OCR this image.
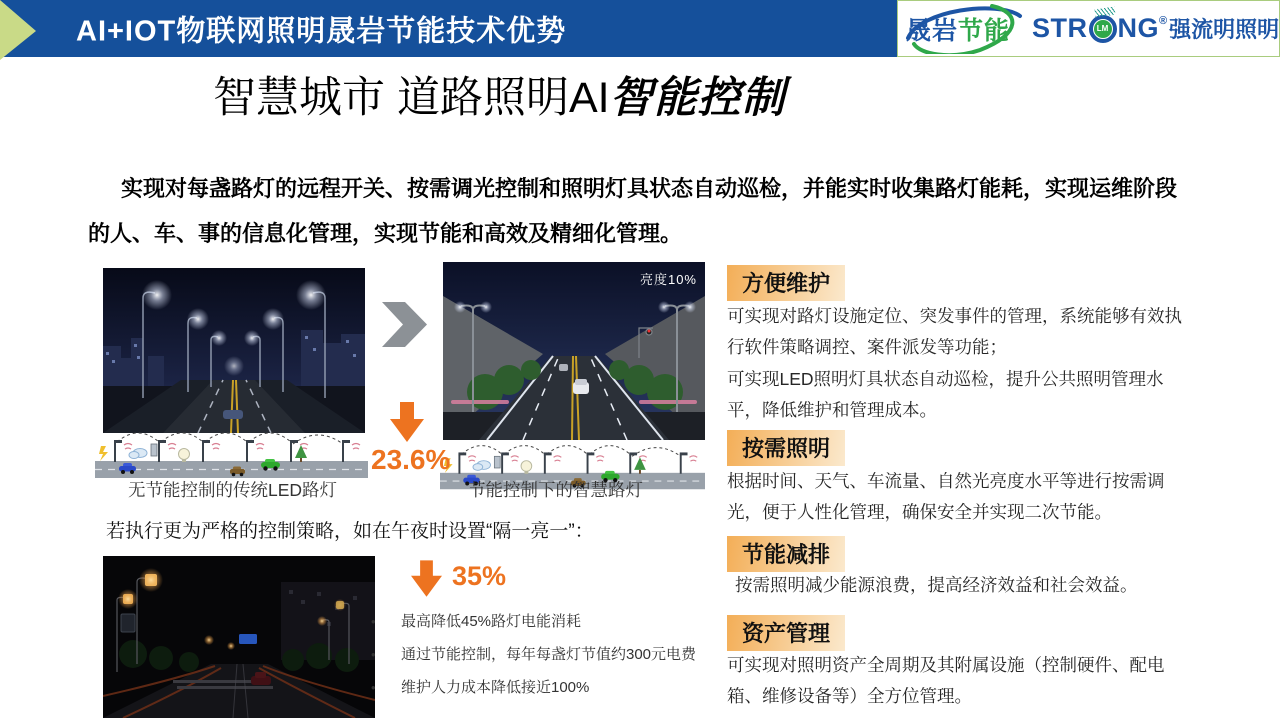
AI+IOT物联网照明晟岩节能技术优势	晟岩节能 STR	LM NG ® 强流明照明
智慧城市 道路照明AI智能控制
实现对每盏路灯的远程开关、按需调光控制和照明灯具状态自动巡检，并能实时收集路灯能耗，实现运维阶段的人、车、事的信息化管理，实现节能和高效及精细化管理。
亮度10%
无节能控制的传统LED路灯	节能控制下的智慧路灯
23.6%
若执行更为严格的控制策略，如在午夜时设置“隔一亮一”：
35%
•	最高降低45%路灯电能消耗
•	通过节能控制，每年每盏灯节值约300元电费
•	维护人力成本降低接近100%
方便维护
可实现对路灯设施定位、突发事件的管理，系统能够有效执行软件策略调控、案件派发等功能；
可实现LED照明灯具状态自动巡检，提升公共照明管理水平，降低维护和管理成本。
按需照明
根据时间、天气、车流量、自然光亮度水平等进行按需调光，便于人性化管理，确保安全并实现二次节能。
节能减排
按需照明减少能源浪费，提高经济效益和社会效益。
资产管理
可实现对照明资产全周期及其附属设施（控制硬件、配电箱、维修设备等）全方位管理。
